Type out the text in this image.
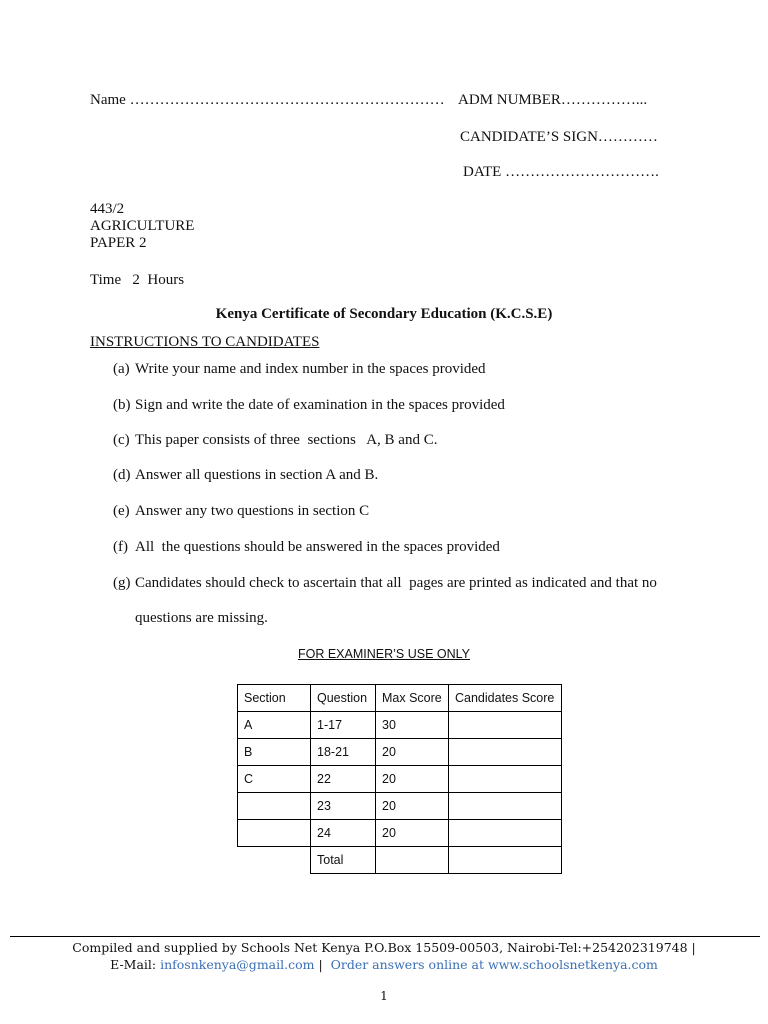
Name ……………………………………………………… ADM NUMBER……………...
CANDIDATE’S SIGN…………
DATE ………………………….
443/2
AGRICULTURE
PAPER 2
Time   2  Hours
Kenya Certificate of Secondary Education (K.C.S.E)
INSTRUCTIONS TO CANDIDATES
(a) Write your name and index number in the spaces provided
(b) Sign and write the date of examination in the spaces provided
(c) This paper consists of three  sections   A, B and C.
(d) Answer all questions in section A and B.
(e) Answer any two questions in section C
(f) All  the questions should be answered in the spaces provided
(g) Candidates should check to ascertain that all  pages are printed as indicated and that no
questions are missing.
FOR EXAMINER’S USE ONLY
Section	Question	Max Score	Candidates Score
A	1-17	30	
B	18-21	20	
C	22	20	
	23	20	
	24	20	
	Total		
Compiled and supplied by Schools Net Kenya P.O.Box 15509-00503, Nairobi-Tel:+254202319748 |
E-Mail: infosnkenya@gmail.com |  Order answers online at www.schoolsnetkenya.com
1
